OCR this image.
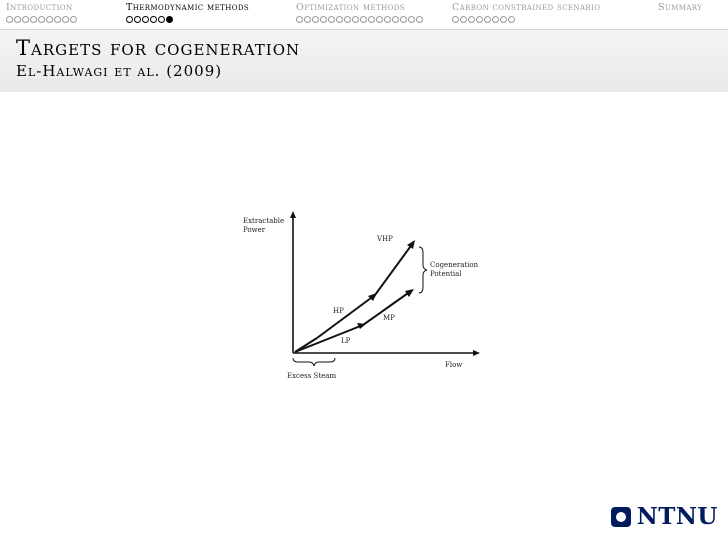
Introduction	Thermodynamic methods	Optimization methods	Carbon constrained scenario	Summary
Targets for cogeneration
El-Halwagi et al. (2009)
Extractable
Power
Flow
VHP
HP
MP
LP
Cogeneration
Potential
Excess Steam
NTNU
